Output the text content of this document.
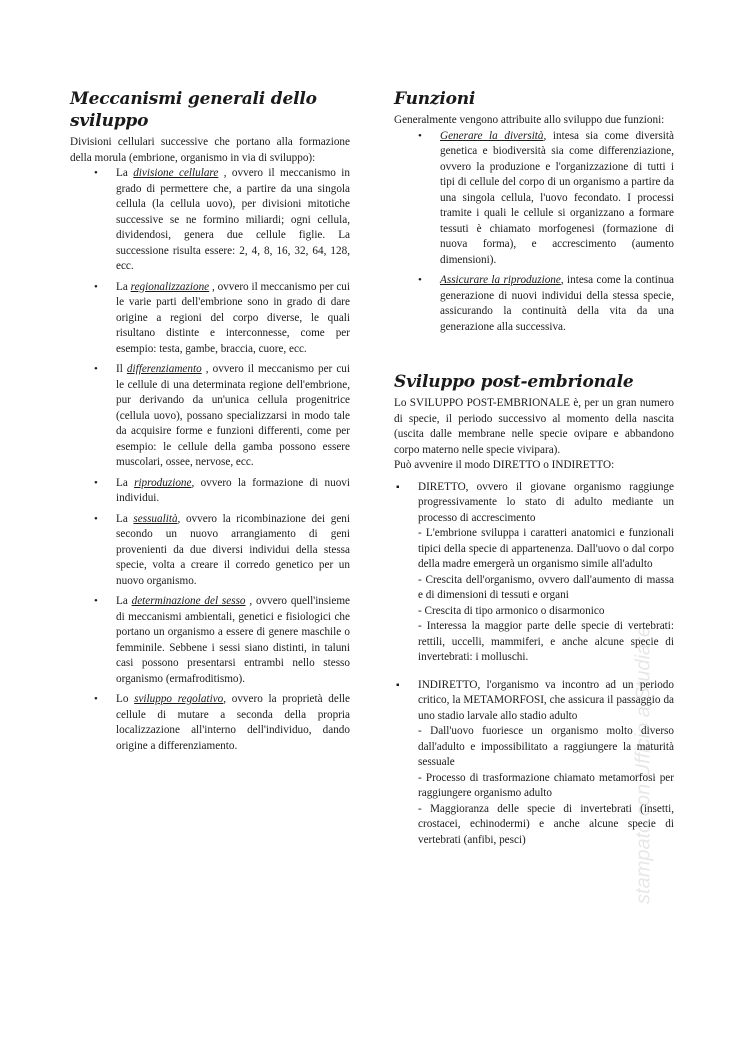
Meccanismi generali dello sviluppo

Divisioni cellulari successive che portano alla formazione della morula (embrione, organismo in via di sviluppo):

• La divisione cellulare , ovvero il meccanismo in grado di permettere che, a partire da una singola cellula (la cellula uovo), per divisioni mitotiche successive se ne formino miliardi; ogni cellula, dividendosi, genera due cellule figlie. La successione risulta essere: 2, 4, 8, 16, 32, 64, 128, ecc.
• La regionalizzazione , ovvero il meccanismo per cui le varie parti dell'embrione sono in grado di dare origine a regioni del corpo diverse, le quali risultano distinte e interconnesse, come per esempio: testa, gambe, braccia, cuore, ecc.
• Il differenziamento , ovvero il meccanismo per cui le cellule di una determinata regione dell'embrione, pur derivando da un'unica cellula progenitrice (cellula uovo), possano specializzarsi in modo tale da acquisire forme e funzioni differenti, come per esempio: le cellule della gamba possono essere muscolari, ossee, nervose, ecc.
• La riproduzione, ovvero la formazione di nuovi individui.
• La sessualità, ovvero la ricombinazione dei geni secondo un nuovo arrangiamento di geni provenienti da due diversi individui della stessa specie, volta a creare il corredo genetico per un nuovo organismo.
• La determinazione del sesso , ovvero quell'insieme di meccanismi ambientali, genetici e fisiologici che portano un organismo a essere di genere maschile o femminile. Sebbene i sessi siano distinti, in taluni casi possono presentarsi entrambi nello stesso organismo (ermafroditismo).
• Lo sviluppo regolativo, ovvero la proprietà delle cellule di mutare a seconda della propria localizzazione all'interno dell'individuo, dando origine a differenziamento.
Funzioni

Generalmente vengono attribuite allo sviluppo due funzioni:

• Generare la diversità, intesa sia come diversità genetica e biodiversità sia come differenziazione, ovvero la produzione e l'organizzazione di tutti i tipi di cellule del corpo di un organismo a partire da una singola cellula, l'uovo fecondato. I processi tramite i quali le cellule si organizzano a formare tessuti è chiamato morfogenesi (formazione di nuova forma), e accrescimento (aumento dimensioni).
• Assicurare la riproduzione, intesa come la continua generazione di nuovi individui della stessa specie, assicurando la continuità della vita da una generazione alla successiva.
Sviluppo post-embrionale

Lo SVILUPPO POST-EMBRIONALE è, per un gran numero di specie, il periodo successivo al momento della nascita (uscita dalle membrane nelle specie ovipare e abbandono corpo materno nelle specie vivipara).

Può avvenire il modo DIRETTO o INDIRETTO:

▪ DIRETTO, ovvero il giovane organismo raggiunge progressivamente lo stato di adulto mediante un processo di accrescimento
- L'embrione sviluppa i caratteri anatomici e funzionali tipici della specie di appartenenza. Dall'uovo o dal corpo della madre emergerà un organismo simile all'adulto
- Crescita dell'organismo, ovvero dall'aumento di massa e di dimensioni di tessuti e organi
- Crescita di tipo armonico o disarmonico
- Interessa la maggior parte delle specie di vertebrati: rettili, uccelli, mammiferi, e anche alcune specie di invertebrati: i molluschi.
▪ INDIRETTO, l'organismo va incontro ad un periodo critico, la METAMORFOSI, che assicura il passaggio da uno stadio larvale allo stadio adulto
- Dall'uovo fuoriesce un organismo molto diverso dall'adulto e impossibilitato a raggiungere la maturità sessuale
- Processo di trasformazione chiamato metamorfosi per raggiungere organismo adulto
- Maggioranza delle specie di invertebrati (insetti, crostacei, echinodermi) e anche alcune specie di vertebrati (anfibi, pesci)	stampato con Ufficio a Studiare
